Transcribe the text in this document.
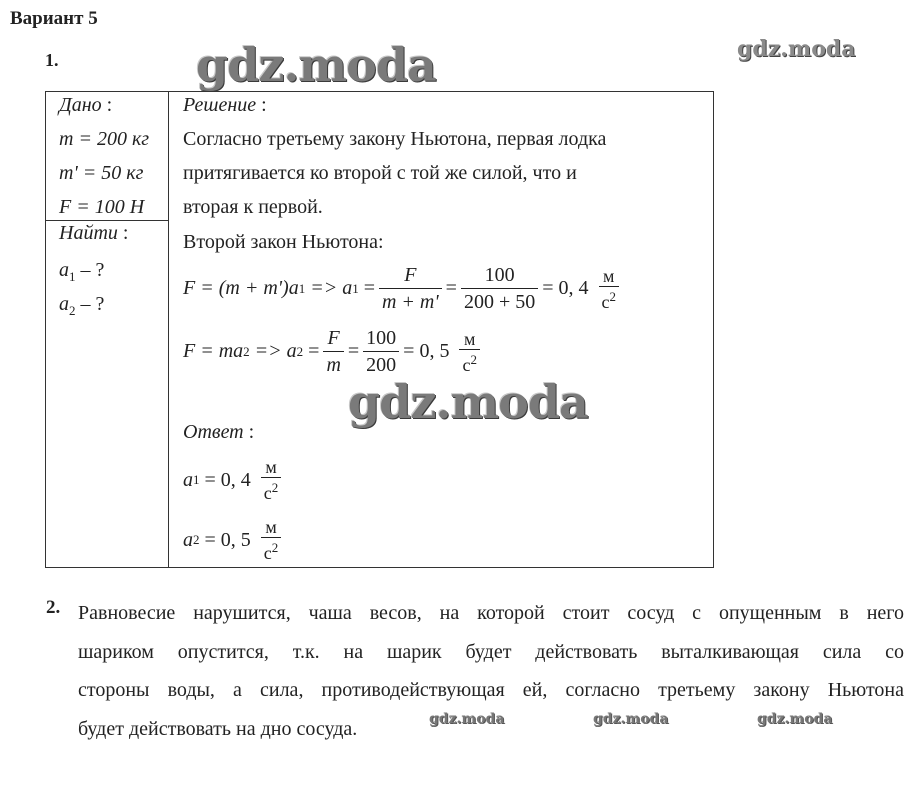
Вариант 5
1.	gdz.moda	gdz.moda
Дано :
m = 200 кг
m' = 50 кг
F = 100 Н
Найти :
$a_1$ – ?
$a_2$ – ?
Решение :
Согласно третьему закону Ньютона, первая лодка
притягивается ко второй с той же силой, что и
вторая к первой.
Второй закон Ньютона:
F = (m + m')a 1 => a $1 = \frac{F}{m + m'} = \frac{100}{200 + 50} = 0$, $4 \frac{м}{с^2}$
F = ma 2 => a $2 = \frac{F}{m} = \frac{100}{200} = 0$, $5 \frac{м}{с^2}$
gdz.moda
Ответ :
a 1 = 0, $4 \frac{м}{с^2}$
a 2 = 0, $5 \frac{м}{с^2}$
2. Равновесие нарушится, чаша весов, на которой стоит сосуд с опущенным в него
шариком опустится, т.к. на шарик будет действовать выталкивающая сила со
стороны воды, а сила, противодействующая ей, согласно третьему закону Ньютона
будет действовать на дно сосуда.	gdz.moda	gdz.moda	gdz.moda
